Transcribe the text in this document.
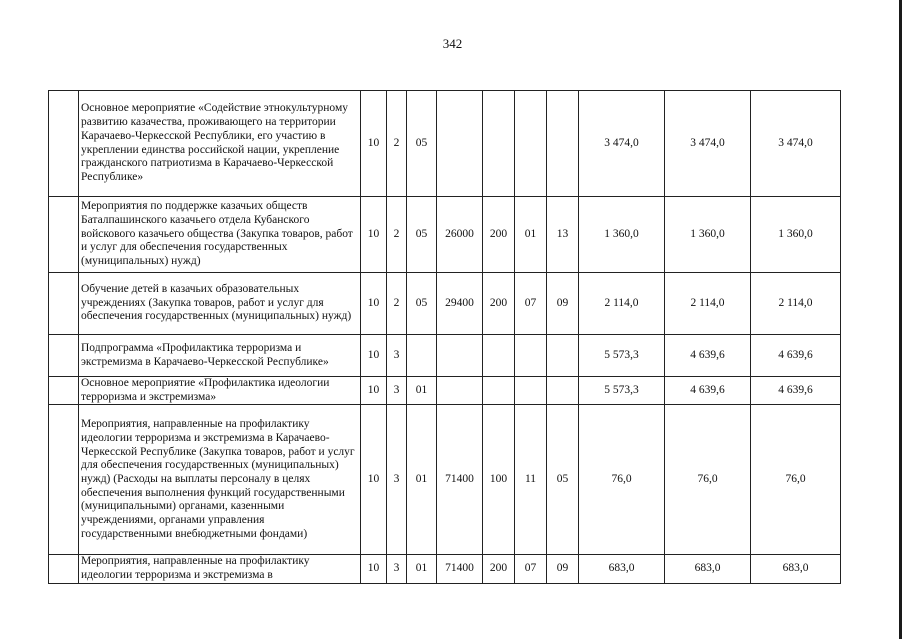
342
	Основное мероприятие «Содействие этнокультурному развитию казачества, проживающего на территории Карачаево-Черкесской Республики, его участию в укреплении единства российской нации, укрепление гражданского патриотизма в Карачаево-Черкесской Республике»	10	2	05					3 474,0	3 474,0	3 474,0
	Мероприятия по поддержке казачьих обществ Баталпашинского казачьего отдела Кубанского войскового казачьего общества (Закупка товаров, работ и услуг для обеспечения государственных (муниципальных) нужд)	10	2	05	26000	200	01	13	1 360,0	1 360,0	1 360,0
	Обучение детей в казачьих образовательных учреждениях (Закупка товаров, работ и услуг для обеспечения государственных (муниципальных) нужд)	10	2	05	29400	200	07	09	2 114,0	2 114,0	2 114,0
	Подпрограмма «Профилактика терроризма и экстремизма в Карачаево-Черкесской Республике»	10	3						5 573,3	4 639,6	4 639,6
	Основное мероприятие «Профилактика идеологии терроризма и экстремизма»	10	3	01					5 573,3	4 639,6	4 639,6
	Мероприятия, направленные на профилактику идеологии терроризма и экстремизма в Карачаево-Черкесской Республике (Закупка товаров, работ и услуг для обеспечения государственных (муниципальных) нужд) (Расходы на выплаты персоналу в целях обеспечения выполнения функций государственными (муниципальными) органами, казенными учреждениями, органами управления государственными внебюджетными фондами)	10	3	01	71400	100	11	05	76,0	76,0	76,0
	Мероприятия, направленные на профилактику идеологии терроризма и экстремизма в	10	3	01	71400	200	07	09	683,0	683,0	683,0
